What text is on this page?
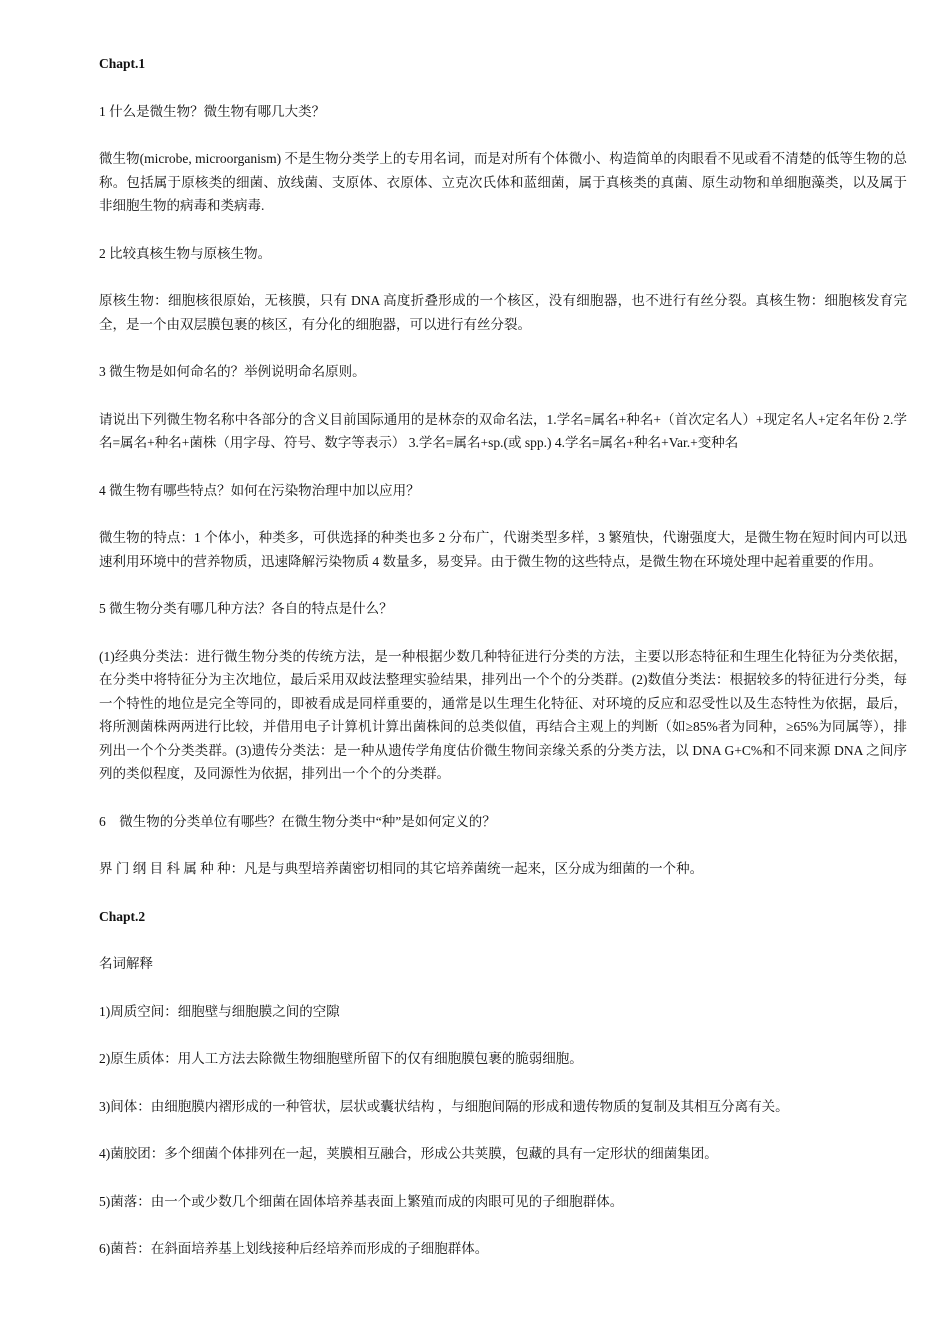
Chapt.1

1 什么是微生物？微生物有哪几大类？

微生物(microbe, microorganism) 不是生物分类学上的专用名词，而是对所有个体微小、构造简单的肉眼看不见或看不清楚的低等生物的总称。包括属于原核类的细菌、放线菌、支原体、衣原体、立克次氏体和蓝细菌，属于真核类的真菌、原生动物和单细胞藻类，以及属于非细胞生物的病毒和类病毒.

2 比较真核生物与原核生物。

原核生物：细胞核很原始，无核膜，只有 DNA 高度折叠形成的一个核区，没有细胞器，也不进行有丝分裂。真核生物：细胞核发育完全，是一个由双层膜包裹的核区，有分化的细胞器，可以进行有丝分裂。

3 微生物是如何命名的？举例说明命名原则。

请说出下列微生物名称中各部分的含义目前国际通用的是林奈的双命名法，1.学名=属名+种名+（首次定名人）+现定名人+定名年份 2.学名=属名+种名+菌株（用字母、符号、数字等表示） 3.学名=属名+sp.(或 spp.) 4.学名=属名+种名+Var.+变种名

4 微生物有哪些特点？如何在污染物治理中加以应用？

微生物的特点：1 个体小，种类多，可供选择的种类也多 2 分布广，代谢类型多样，3 繁殖快，代谢强度大，是微生物在短时间内可以迅速利用环境中的营养物质，迅速降解污染物质 4 数量多，易变异。由于微生物的这些特点，是微生物在环境处理中起着重要的作用。

5 微生物分类有哪几种方法？各自的特点是什么？

(1)经典分类法：进行微生物分类的传统方法，是一种根据少数几种特征进行分类的方法，主要以形态特征和生理生化特征为分类依据，在分类中将特征分为主次地位，最后采用双歧法整理实验结果，排列出一个个的分类群。(2)数值分类法：根据较多的特征进行分类，每一个特性的地位是完全等同的，即被看成是同样重要的，通常是以生理生化特征、对环境的反应和忍受性以及生态特性为依据，最后，将所测菌株两两进行比较，并借用电子计算机计算出菌株间的总类似值，再结合主观上的判断（如≥85%者为同种，≥65%为同属等），排列出一个个分类类群。(3)遗传分类法：是一种从遗传学角度估价微生物间亲缘关系的分类方法，以 DNA G+C%和不同来源 DNA 之间序列的类似程度，及同源性为依据，排列出一个个的分类群。

6　微生物的分类单位有哪些？在微生物分类中“种”是如何定义的？

界 门 纲 目 科 属 种 种：凡是与典型培养菌密切相同的其它培养菌统一起来，区分成为细菌的一个种。

Chapt.2

名词解释

1)周质空间：细胞壁与细胞膜之间的空隙

2)原生质体：用人工方法去除微生物细胞壁所留下的仅有细胞膜包裹的脆弱细胞。

3)间体：由细胞膜内褶形成的一种管状，层状或囊状结构 ，与细胞间隔的形成和遗传物质的复制及其相互分离有关。

4)菌胶团：多个细菌个体排列在一起，荚膜相互融合，形成公共荚膜，包藏的具有一定形状的细菌集团。

5)菌落：由一个或少数几个细菌在固体培养基表面上繁殖而成的肉眼可见的子细胞群体。

6)菌苔：在斜面培养基上划线接种后经培养而形成的子细胞群体。
